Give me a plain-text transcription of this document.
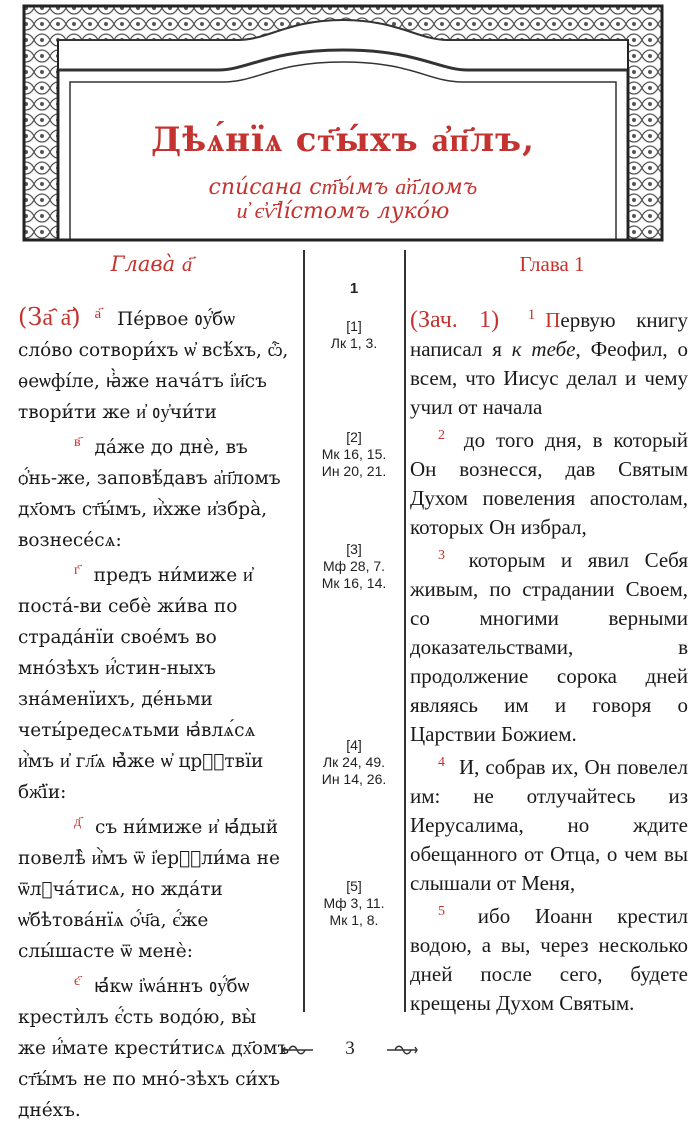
Дѣѧ́нїѧ ст҃ы́хъ а҆п҃лъ,
спи́сана ст҃ы́мъ а҆п҃ломъ
и҆ є҆ѵ҃lі́стомъ луко́ю
Глава̀ а҃	Глава 1
(За҄ а҃) $^{а҃}$ Пе́рвое ᲂу҆́бѡ сло́во сотвори́хъ ѡ҆ всѣ́хъ, ѽ, ѳеѡфі́ле, ꙗ҆̀же нача́тъ і҆и҃съ твори́ти же и҆ ᲂу҆чи́ти
$^{в҃}$ да́же до днѐ, въ ѻ҆́нь-же, заповѣ́давъ а҆п҃ломъ дх҃омъ ст҃ы́мъ, и҆̀хже и҆збра̀, вознесе́сѧ:
$^{г҃}$ предъ ни́миже и҆ поста́-ви себѐ жи́ва по страда́нїи свое́мъ во мно́зѣхъ и҆́стин-ныхъ зна́менїихъ, де́ньми четы́редесѧтьми ꙗ҆влѧ́сѧ и҆̀мъ и҆ гл҃ѧ ꙗ҆̀же ѡ҆ црⷭ҇твїи бж҃їи:
$^{д҃}$ съ ни́миже и҆ ꙗ҆́дый повелѣ̀ и҆̀мъ ѿ і҆ерⷭ҇ли́ма не ѿлꙋча́тисѧ, но жда́ти ѡ҆бѣтова́нїѧ ѻ҆́ч҃а, є҆́же слы́шасте ѿ менѐ:
$^{є҃}$ ꙗ҆́кѡ і҆ѡа́ннъ ᲂу҆́бѡ крестѝлъ є҆́сть водо́ю, вы̀ же и҆́мате крести́тисѧ дх҃омъ ст҃ы́мъ не по мно́-зѣхъ си́хъ дне́хъ.
1
[1]
Лк 1, 3.
[2]
Мк 16, 15.
Ин 20, 21.
[3]
Мф 28, 7.
Мк 16, 14.
[4]
Лк 24, 49.
Ин 14, 26.
[5]
Мф 3, 11.
Мк 1, 8.
(Зач. 1) $^1$ Первую книгу написал я к тебе, Феофил, о всем, что Иисус делал и чему учил от начала
$^2$ до того дня, в который Он вознесся, дав Святым Духом повеления апостолам, которых Он избрал,
$^3$ которым и явил Себя живым, по страдании Своем, со многими верными доказательствами, в продолжение сорока дней являясь им и говоря о Царствии Божием.
$^4$ И, собрав их, Он повелел им: не отлучайтесь из Иерусалима, но ждите обещанного от Отца, о чем вы слышали от Меня,
$^5$ ибо Иоанн крестил водою, а вы, через несколько дней после сего, будете крещены Духом Святым.
3
